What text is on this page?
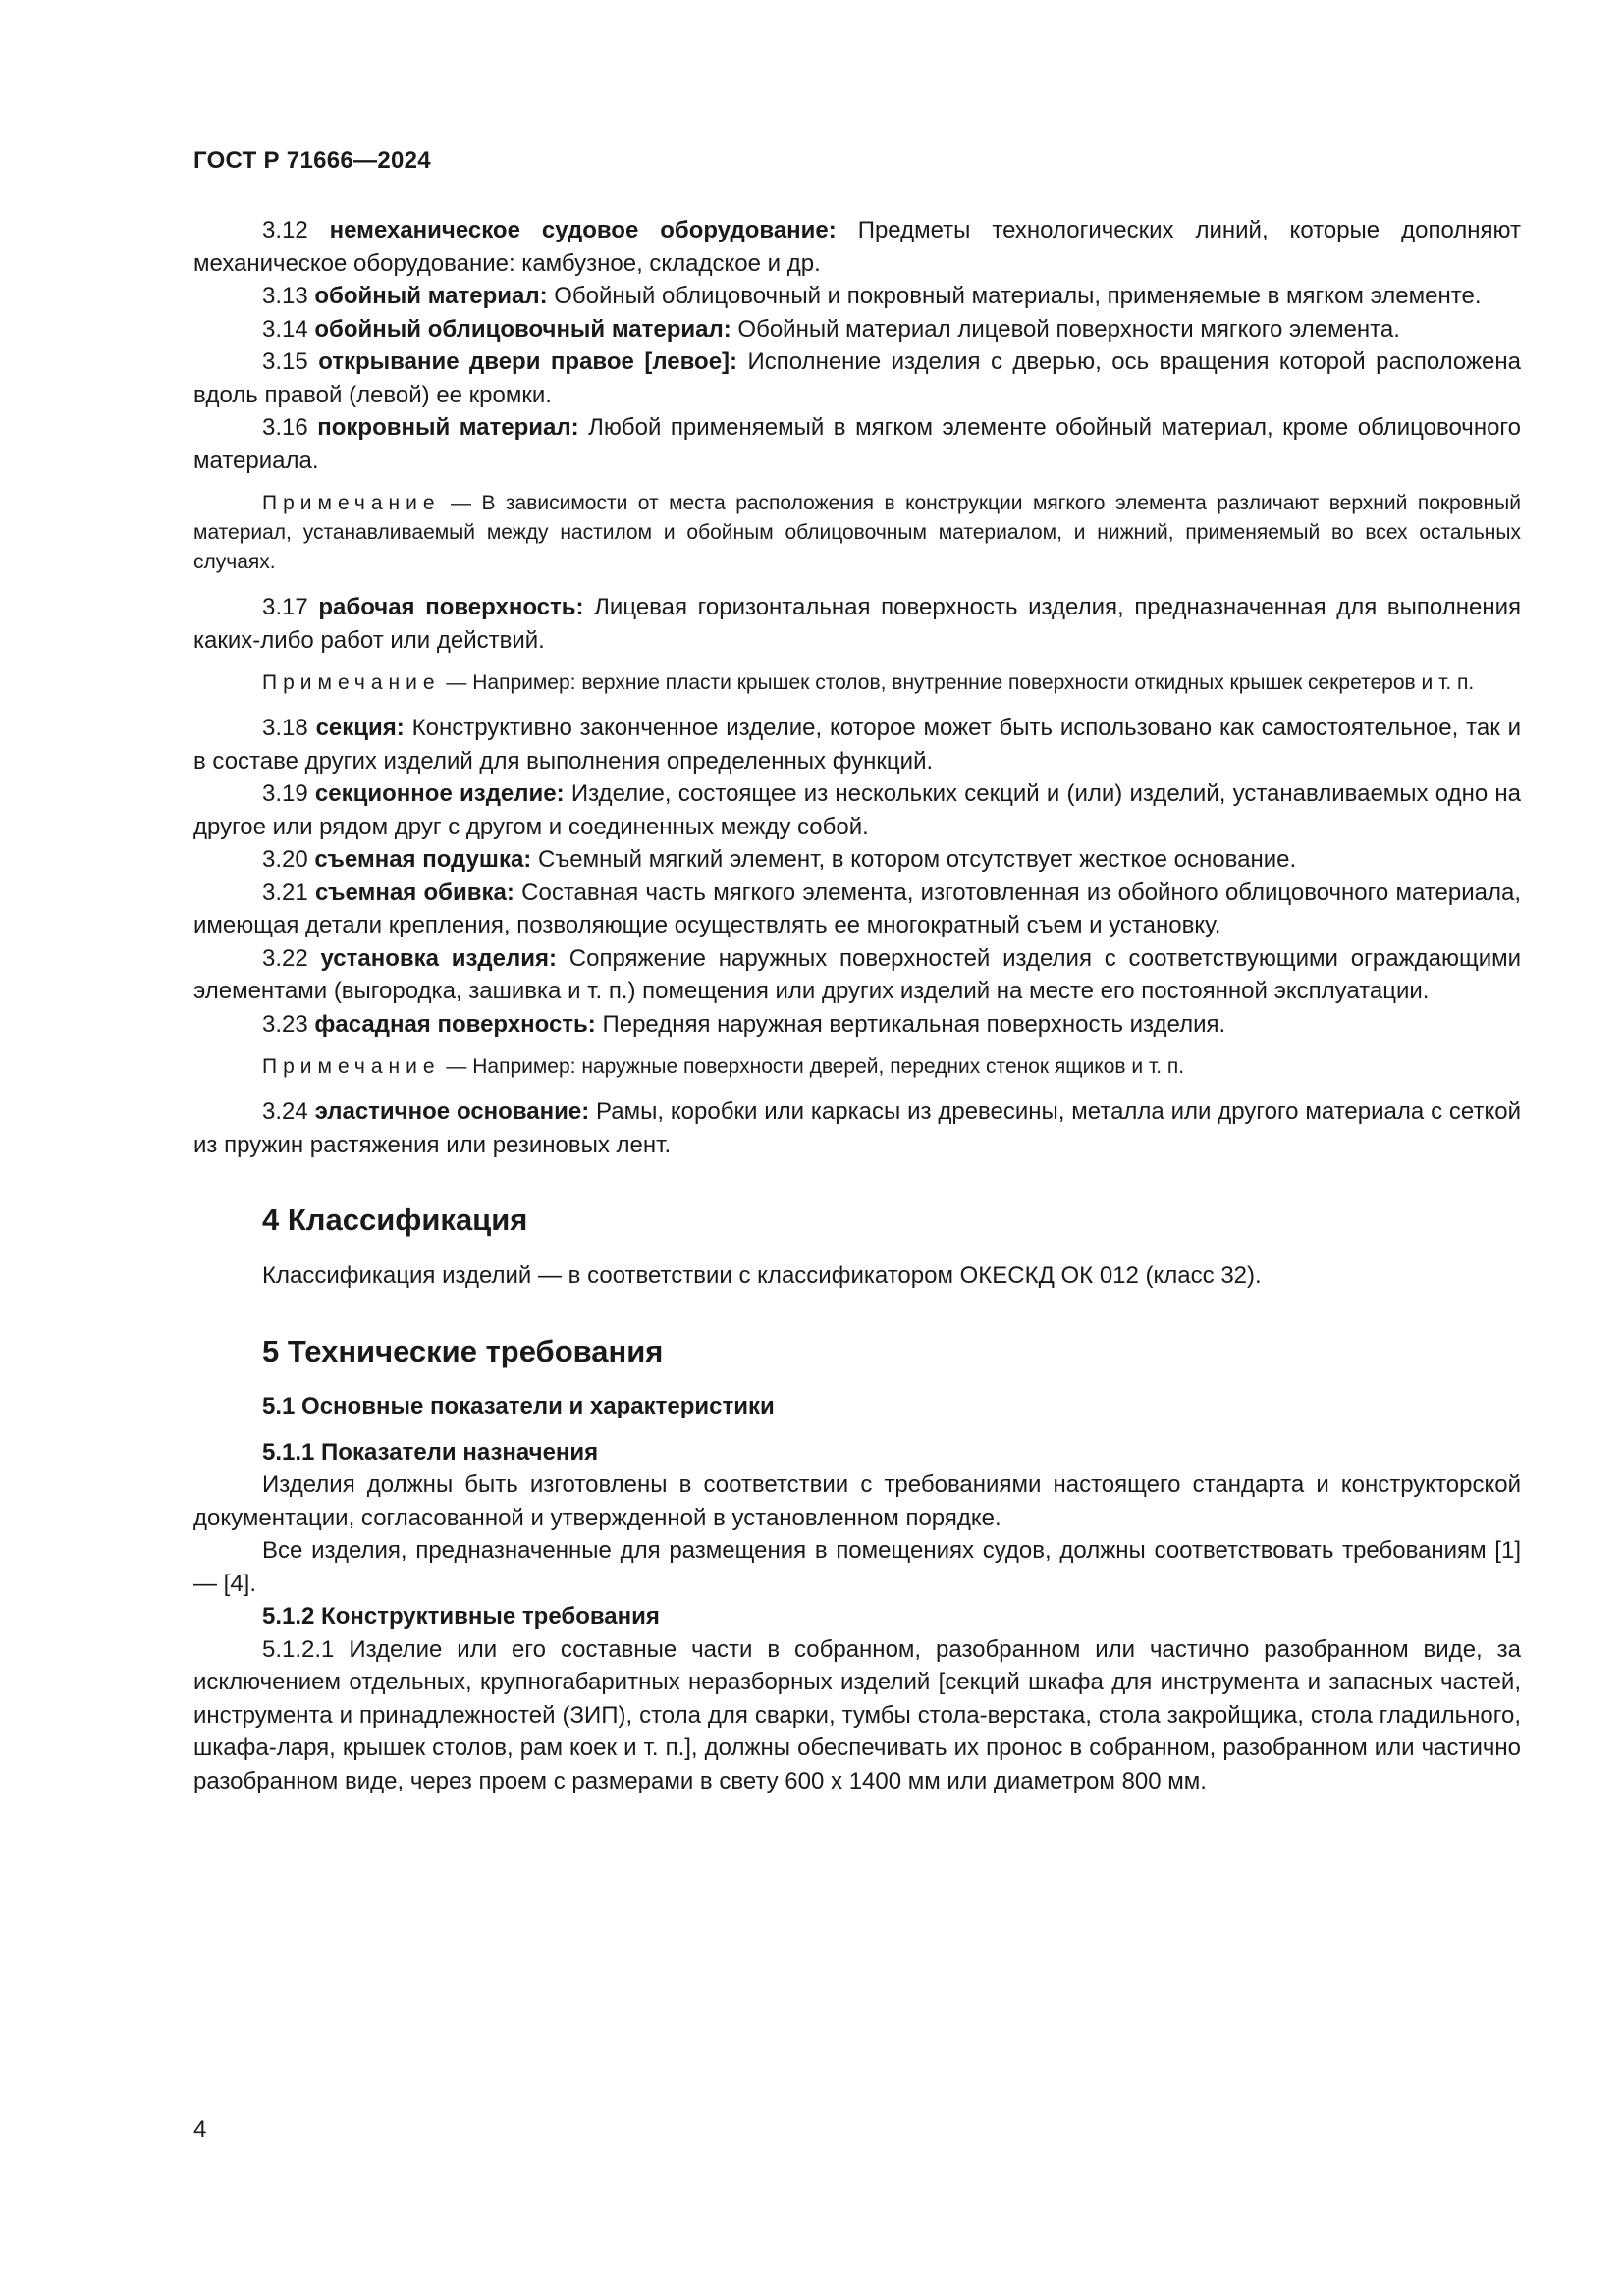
ГОСТ Р 71666—2024

3.12 немеханическое судовое оборудование: Предметы технологических линий, которые дополняют механическое оборудование: камбузное, складское и др.

3.13 обойный материал: Обойный облицовочный и покровный материалы, применяемые в мягком элементе.

3.14 обойный облицовочный материал: Обойный материал лицевой поверхности мягкого элемента.

3.15 открывание двери правое [левое]: Исполнение изделия с дверью, ось вращения которой расположена вдоль правой (левой) ее кромки.

3.16 покровный материал: Любой применяемый в мягком элементе обойный материал, кроме облицовочного материала.

Примечание — В зависимости от места расположения в конструкции мягкого элемента различают верхний покровный материал, устанавливаемый между настилом и обойным облицовочным материалом, и нижний, применяемый во всех остальных случаях.

3.17 рабочая поверхность: Лицевая горизонтальная поверхность изделия, предназначенная для выполнения каких-либо работ или действий.

Примечание — Например: верхние пласти крышек столов, внутренние поверхности откидных крышек секретеров и т. п.

3.18 секция: Конструктивно законченное изделие, которое может быть использовано как самостоятельное, так и в составе других изделий для выполнения определенных функций.

3.19 секционное изделие: Изделие, состоящее из нескольких секций и (или) изделий, устанавливаемых одно на другое или рядом друг с другом и соединенных между собой.

3.20 съемная подушка: Съемный мягкий элемент, в котором отсутствует жесткое основание.

3.21 съемная обивка: Составная часть мягкого элемента, изготовленная из обойного облицовочного материала, имеющая детали крепления, позволяющие осуществлять ее многократный съем и установку.

3.22 установка изделия: Сопряжение наружных поверхностей изделия с соответствующими ограждающими элементами (выгородка, зашивка и т. п.) помещения или других изделий на месте его постоянной эксплуатации.

3.23 фасадная поверхность: Передняя наружная вертикальная поверхность изделия.

Примечание — Например: наружные поверхности дверей, передних стенок ящиков и т. п.

3.24 эластичное основание: Рамы, коробки или каркасы из древесины, металла или другого материала с сеткой из пружин растяжения или резиновых лент.

4 Классификация

Классификация изделий — в соответствии с классификатором ОКЕСКД ОК 012 (класс 32).

5 Технические требования
5.1 Основные показатели и характеристики
5.1.1 Показатели назначения

Изделия должны быть изготовлены в соответствии с требованиями настоящего стандарта и конструкторской документации, согласованной и утвержденной в установленном порядке.

Все изделия, предназначенные для размещения в помещениях судов, должны соответствовать требованиям [1] — [4].

5.1.2 Конструктивные требования

5.1.2.1 Изделие или его составные части в собранном, разобранном или частично разобранном виде, за исключением отдельных, крупногабаритных неразборных изделий [секций шкафа для инструмента и запасных частей, инструмента и принадлежностей (ЗИП), стола для сварки, тумбы стола-верстака, стола закройщика, стола гладильного, шкафа-ларя, крышек столов, рам коек и т. п.], должны обеспечивать их пронос в собранном, разобранном или частично разобранном виде, через проем с размерами в свету 600 х 1400 мм или диаметром 800 мм.

4
